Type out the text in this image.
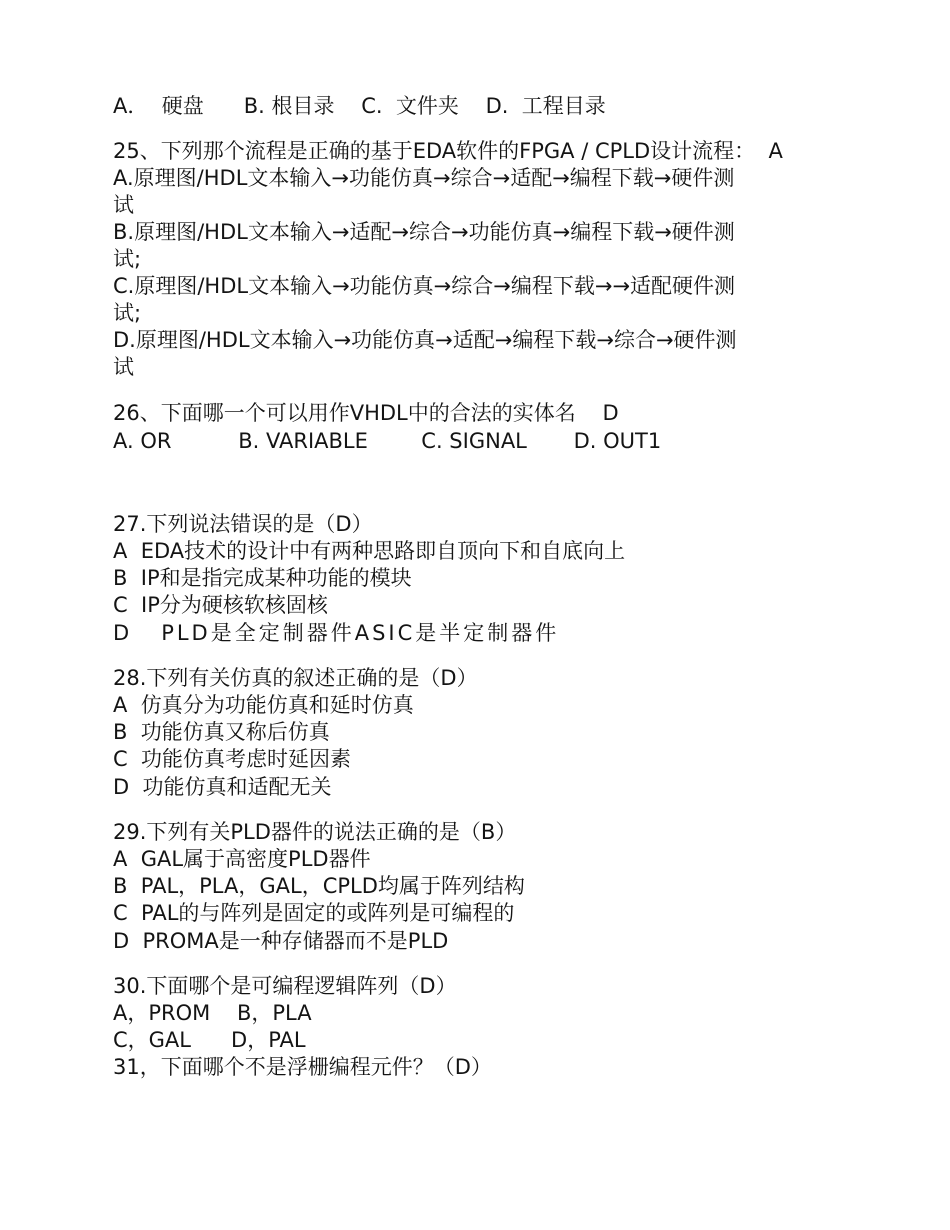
A．  硬盘      B. 根目录    C.  文件夹    D.  工程目录
25、下列那个流程是正确的基于EDA软件的FPGA / CPLD设计流程：  A
A.原理图/HDL文本输入→功能仿真→综合→适配→编程下载→硬件测
试
B.原理图/HDL文本输入→适配→综合→功能仿真→编程下载→硬件测
试;
C.原理图/HDL文本输入→功能仿真→综合→编程下载→→适配硬件测
试;
D.原理图/HDL文本输入→功能仿真→适配→编程下载→综合→硬件测
试
26、下面哪一个可以用作VHDL中的合法的实体名    D
A. OR          B. VARIABLE        C. SIGNAL       D. OUT1
27.下列说法错误的是（D）
A  EDA技术的设计中有两种思路即自顶向下和自底向上
B  IP和是指完成某种功能的模块
C  IP分为硬核软核固核
D   PLD是全定制器件ASIC是半定制器件
28.下列有关仿真的叙述正确的是（D）
A  仿真分为功能仿真和延时仿真
B  功能仿真又称后仿真
C  功能仿真考虑时延因素
D  功能仿真和适配无关
29.下列有关PLD器件的说法正确的是（B）
A  GAL属于高密度PLD器件
B  PAL，PLA，GAL，CPLD均属于阵列结构
C  PAL的与阵列是固定的或阵列是可编程的
D  PROMA是一种存储器而不是PLD
30.下面哪个是可编程逻辑阵列（D）
A，PROM    B，PLA
C，GAL      D，PAL
31，下面哪个不是浮栅编程元件？（D）
